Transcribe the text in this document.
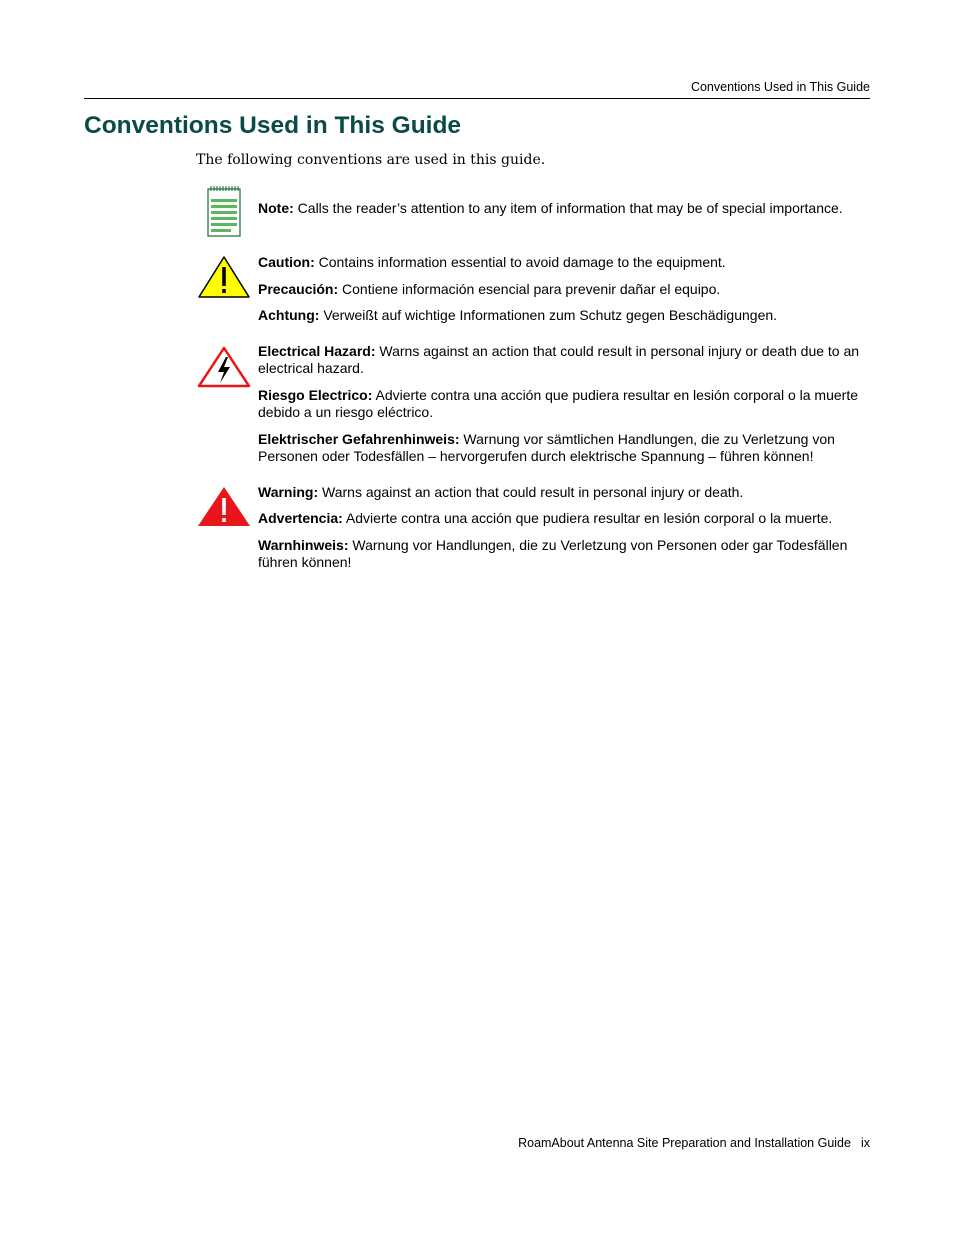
Conventions Used in This Guide
Conventions Used in This Guide

The following conventions are used in this guide.

Note: Calls the reader’s attention to any item of information that may be of special importance.

Caution: Contains information essential to avoid damage to the equipment.

Precaución: Contiene información esencial para prevenir dañar el equipo.

Achtung: Verweißt auf wichtige Informationen zum Schutz gegen Beschädigungen.

Electrical Hazard: Warns against an action that could result in personal injury or death due to an electrical hazard.

Riesgo Electrico: Advierte contra una acción que pudiera resultar en lesión corporal o la muerte debido a un riesgo eléctrico.

Elektrischer Gefahrenhinweis: Warnung vor sämtlichen Handlungen, die zu Verletzung von Personen oder Todesfällen – hervorgerufen durch elektrische Spannung – führen können!

Warning: Warns against an action that could result in personal injury or death.

Advertencia: Advierte contra una acción que pudiera resultar en lesión corporal o la muerte.

Warnhinweis: Warnung vor Handlungen, die zu Verletzung von Personen oder gar Todesfällen führen können!

RoamAbout Antenna Site Preparation and Installation Guide ix
